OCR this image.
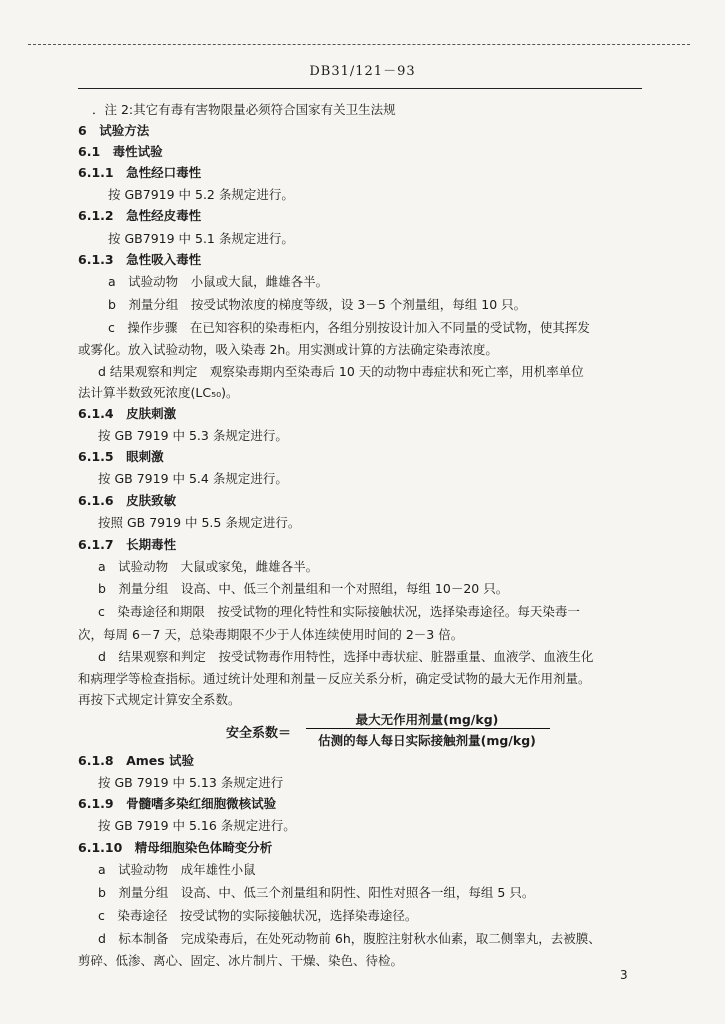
DB31/121－93
．注 2:其它有毒有害物限量必须符合国家有关卫生法规
6　试验方法
6.1　毒性试验
6.1.1　急性经口毒性
按 GB7919 中 5.2 条规定进行。
6.1.2　急性经皮毒性
按 GB7919 中 5.1 条规定进行。
6.1.3　急性吸入毒性
a　试验动物　小鼠或大鼠，雌雄各半。
b　剂量分组　按受试物浓度的梯度等级，设 3－5 个剂量组，每组 10 只。
c　操作步骤　在已知容积的染毒柜内，各组分别按设计加入不同量的受试物，使其挥发
或雾化。放入试验动物，吸入染毒 2h。用实测或计算的方法确定染毒浓度。
d 结果观察和判定　观察染毒期内至染毒后 10 天的动物中毒症状和死亡率，用机率单位
法计算半数致死浓度(LC₅₀)。
6.1.4　皮肤刺激
按 GB 7919 中 5.3 条规定进行。
6.1.5　眼刺激
按 GB 7919 中 5.4 条规定进行。
6.1.6　皮肤致敏
按照 GB 7919 中 5.5 条规定进行。
6.1.7　长期毒性
a　试验动物　大鼠或家兔，雌雄各半。
b　剂量分组　设高、中、低三个剂量组和一个对照组，每组 10－20 只。
c　染毒途径和期限　按受试物的理化特性和实际接触状况，选择染毒途径。每天染毒一
次，每周 6－7 天，总染毒期限不少于人体连续使用时间的 2－3 倍。
d　结果观察和判定　按受试物毒作用特性，选择中毒状症、脏器重量、血液学、血液生化
和病理学等检查指标。通过统计处理和剂量－反应关系分析，确定受试物的最大无作用剂量。
再按下式规定计算安全系数。
安全系数＝
最大无作用剂量(mg/kg)
估测的每人每日实际接触剂量(mg/kg)
6.1.8　Ames 试验
按 GB 7919 中 5.13 条规定进行
6.1.9　骨髓嗜多染红细胞微核试验
按 GB 7919 中 5.16 条规定进行。
6.1.10　精母细胞染色体畸变分析
a　试验动物　成年雄性小鼠
b　剂量分组　设高、中、低三个剂量组和阴性、阳性对照各一组，每组 5 只。
c　染毒途径　按受试物的实际接触状况，选择染毒途径。
d　标本制备　完成染毒后，在处死动物前 6h，腹腔注射秋水仙素，取二侧睾丸，去被膜、
剪碎、低渗、离心、固定、冰片制片、干燥、染色、待检。
3
